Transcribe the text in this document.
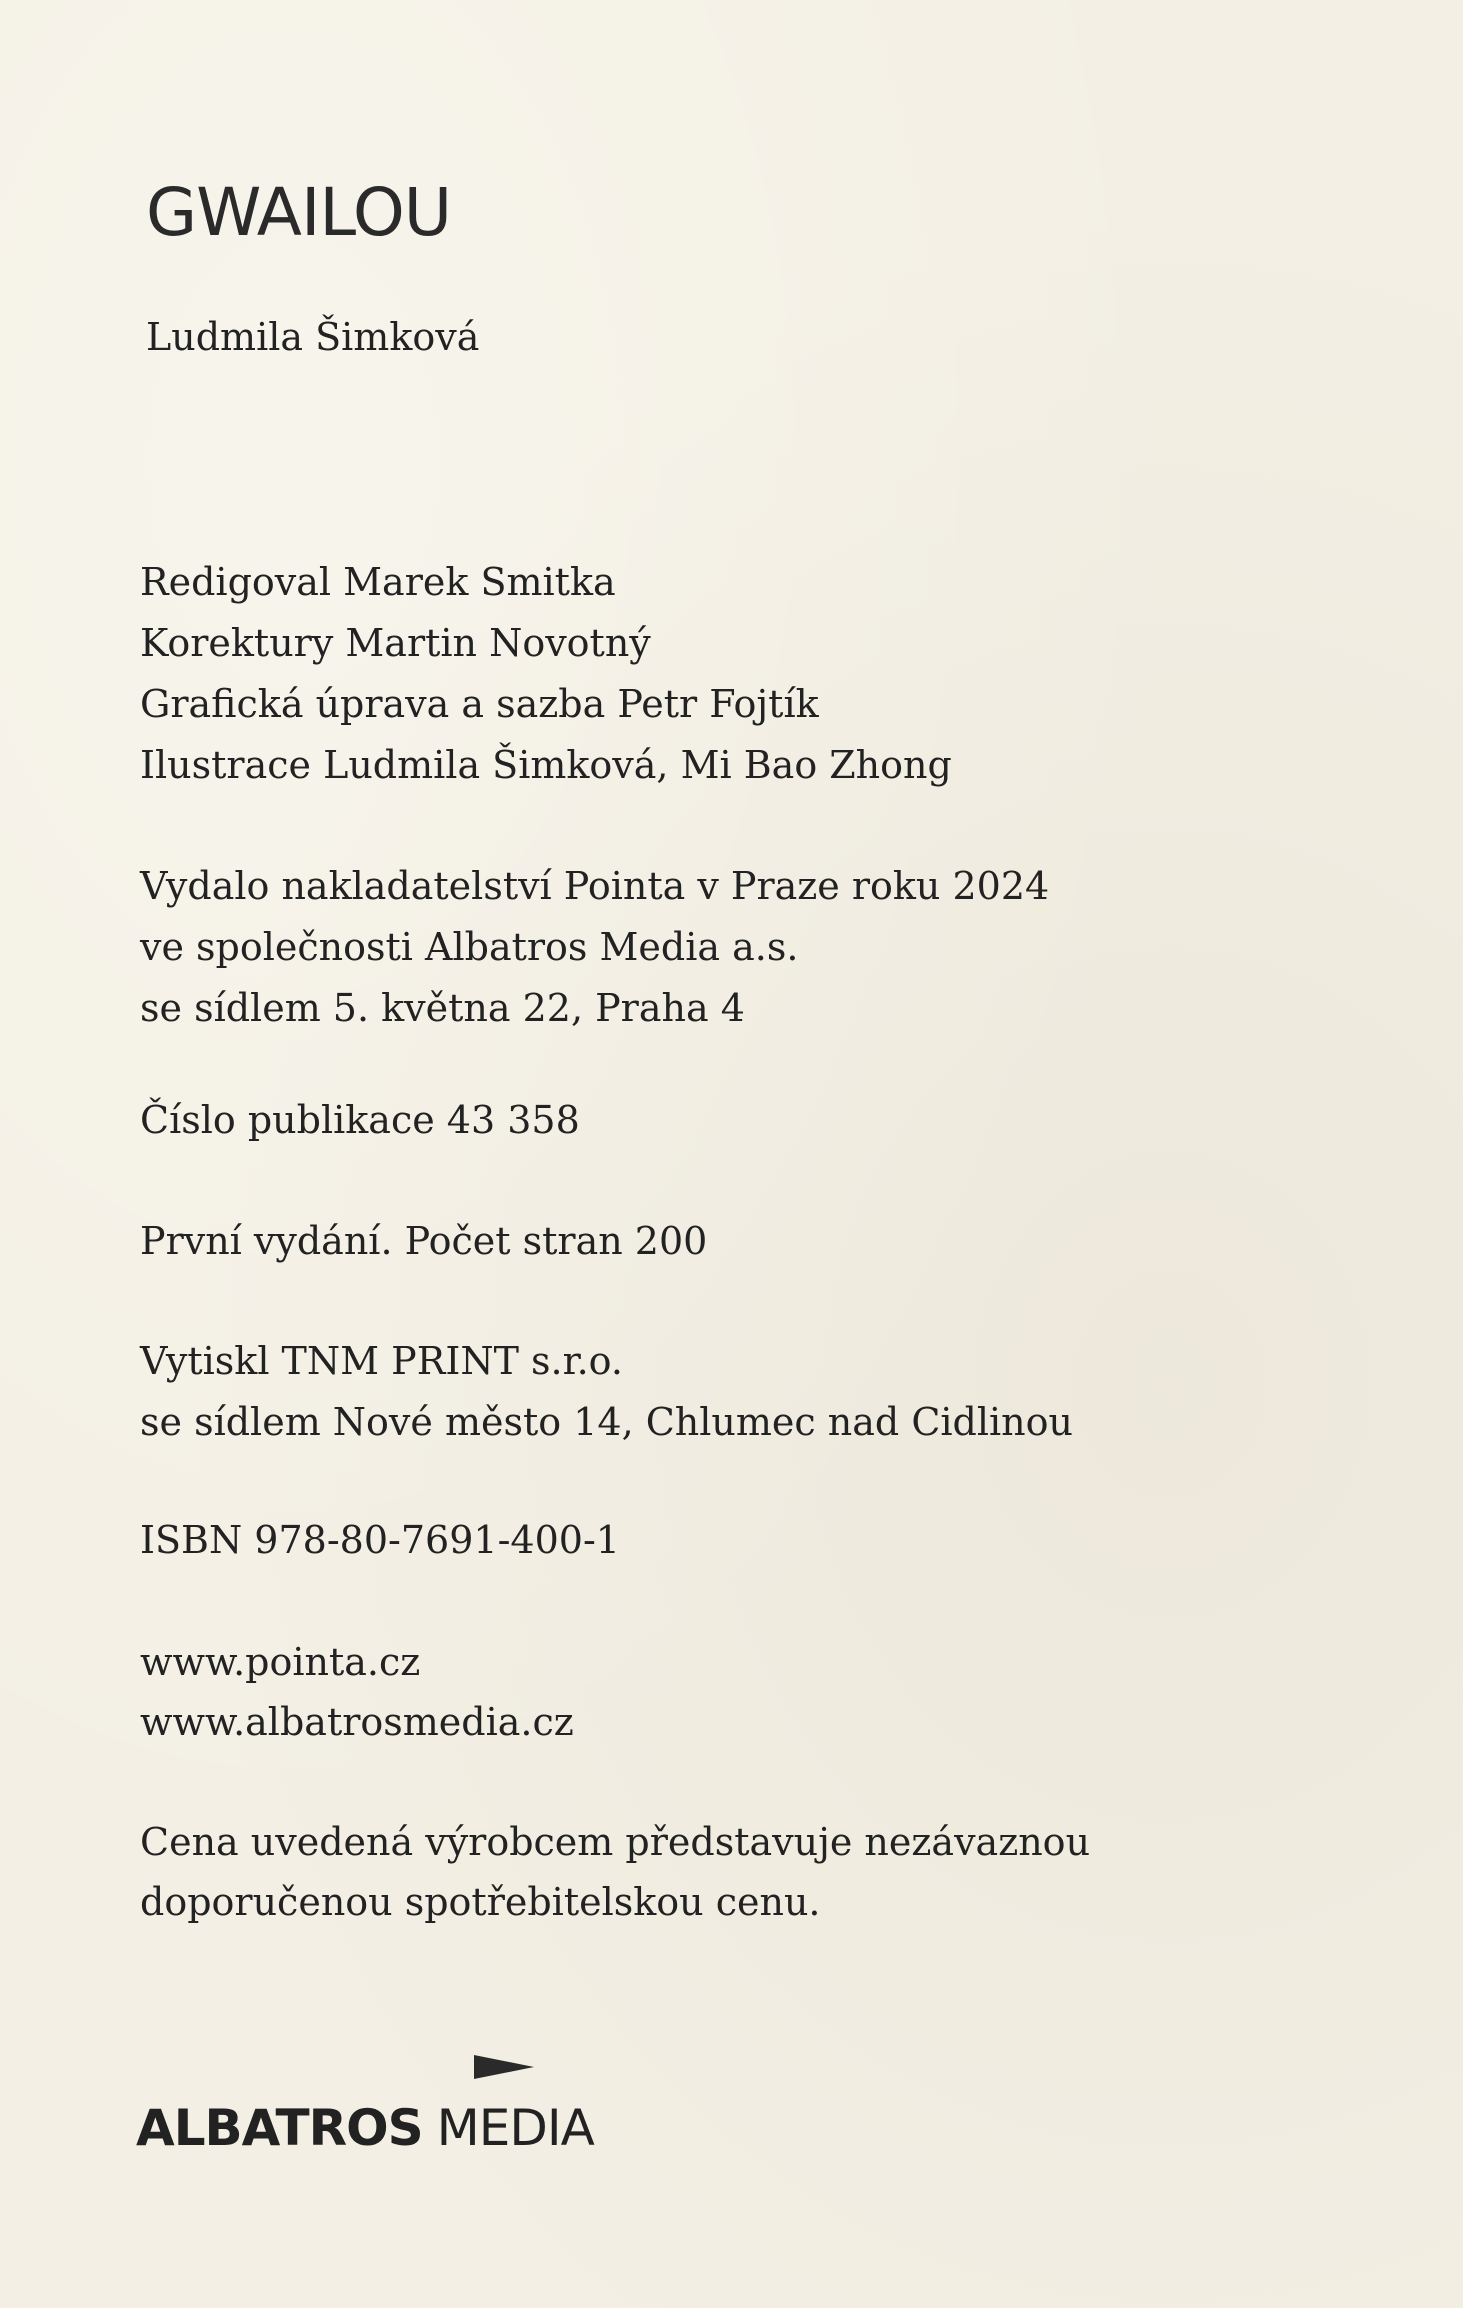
GWAILOU

Ludmila Šimková

Redigoval Marek Smitka
Korektury Martin Novotný
Grafická úprava a sazba Petr Fojtík
Ilustrace Ludmila Šimková, Mi Bao Zhong

Vydalo nakladatelství Pointa v Praze roku 2024
ve společnosti Albatros Media a.s.
se sídlem 5. května 22, Praha 4

Číslo publikace 43 358

První vydání. Počet stran 200

Vytiskl TNM PRINT s.r.o.
se sídlem Nové město 14, Chlumec nad Cidlinou

ISBN 978-80-7691-400-1

www.pointa.cz
www.albatrosmedia.cz

Cena uvedená výrobcem představuje nezávaznou
doporučenou spotřebitelskou cenu.

ALBATROS MEDIA
